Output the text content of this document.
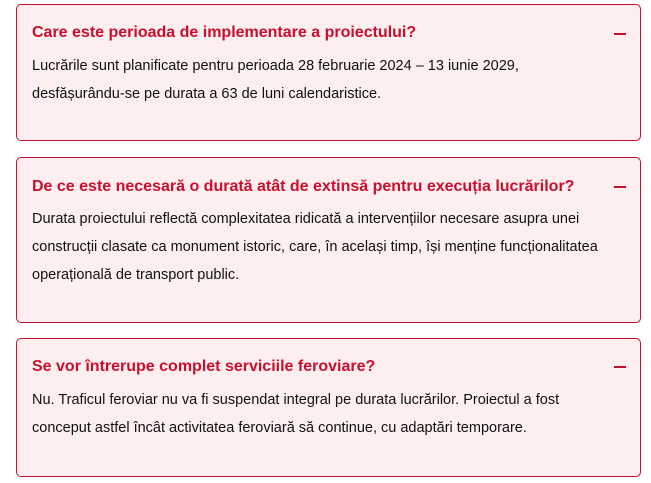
Care este perioada de implementare a proiectului?
Lucrările sunt planificate pentru perioada 28 februarie 2024 – 13 iunie 2029,
desfășurându-se pe durata a 63 de luni calendaristice.
De ce este necesară o durată atât de extinsă pentru execuția lucrărilor?
Durata proiectului reflectă complexitatea ridicată a intervențiilor necesare asupra unei
construcții clasate ca monument istoric, care, în același timp, își menține funcționalitatea
operațională de transport public.
Se vor întrerupe complet serviciile feroviare?
Nu. Traficul feroviar nu va fi suspendat integral pe durata lucrărilor. Proiectul a fost
conceput astfel încât activitatea feroviară să continue, cu adaptări temporare.
